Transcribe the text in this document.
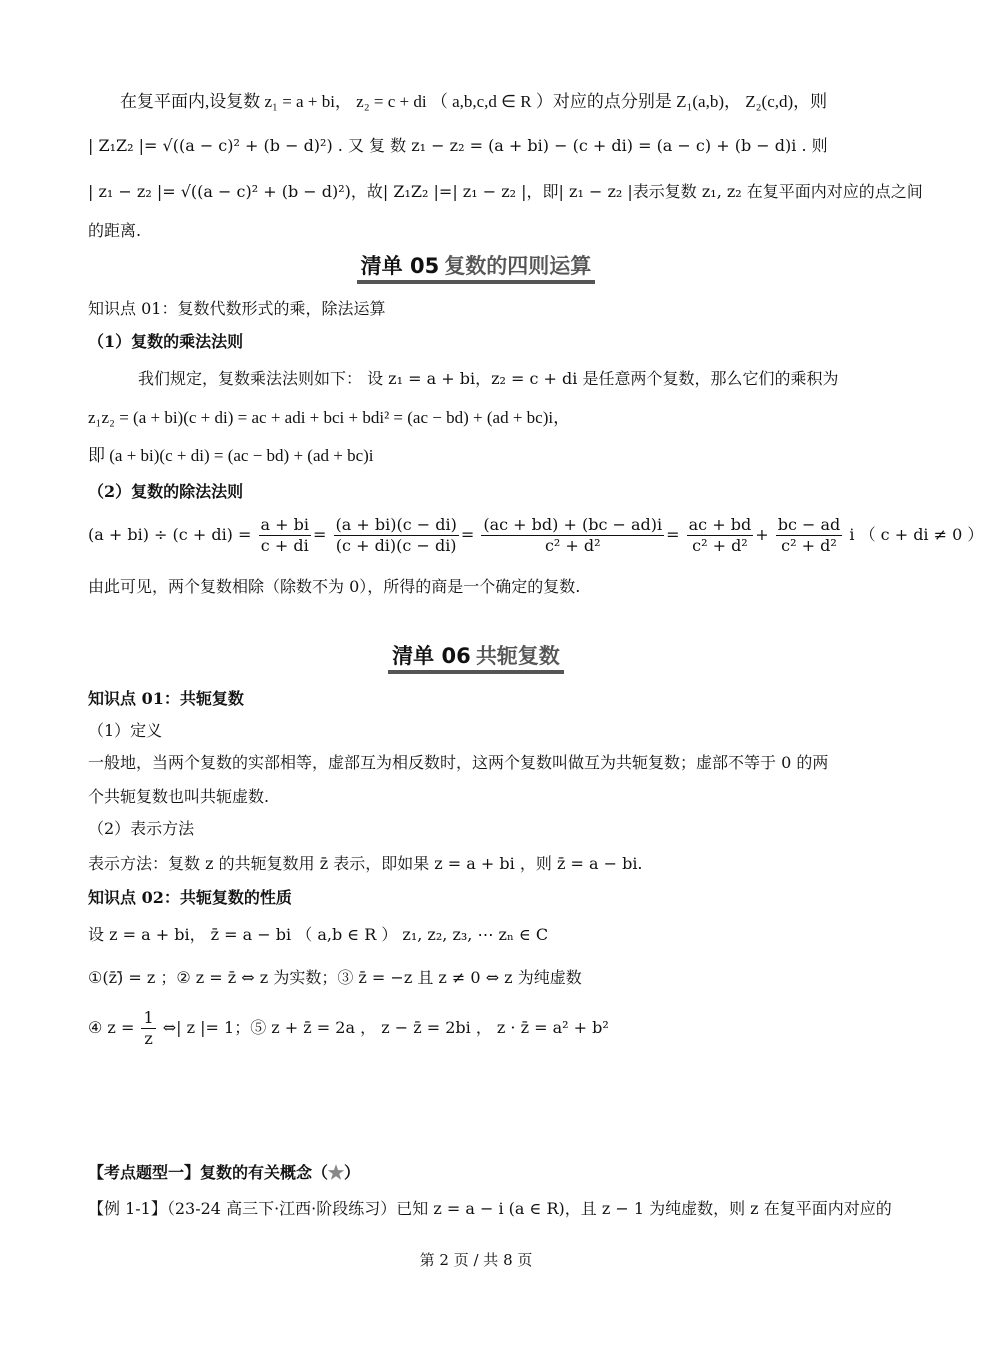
在复平面内,设复数 z₁ = a + bi， z₂ = c + di （ a,b,c,d ∈ R ）对应的点分别是 Z₁(a,b)， Z₂(c,d)，则
| Z₁Z₂ |= √((a − c)² + (b − d)²) . 又 复 数 z₁ − z₂ = (a + bi) − (c + di) = (a − c) + (b − d)i . 则
| z₁ − z₂ |= √((a − c)² + (b − d)²)，故| Z₁Z₂ |=| z₁ − z₂ |，即| z₁ − z₂ |表示复数 z₁, z₂ 在复平面内对应的点之间
的距离.
清单 05 复数的四则运算
知识点 01：复数代数形式的乘，除法运算
（1）复数的乘法法则
我们规定，复数乘法法则如下： 设 z₁ = a + bi，z₂ = c + di 是任意两个复数，那么它们的乘积为
z₁z₂ = (a + bi)(c + di) = ac + adi + bci + bdi² = (ac − bd) + (ad + bc)i，
即 (a + bi)(c + di) = (ac − bd) + (ad + bc)i
（2）复数的除法法则
$(a + bi) \div (c + di) = \frac{a + bi}{c + di} = \frac{(a + bi)(c - di)}{(c + di)(c - di)} = \frac{(ac + bd) + (bc - ad)i}{\text{c² + d²}} = \frac{ac + bd}{\text{c² + d²}} + \frac{bc - ad}{\text{c² + d²}}$ i （ c + di ≠ 0 ）
由此可见，两个复数相除（除数不为 0），所得的商是一个确定的复数.
清单 06 共轭复数
知识点 01：共轭复数
（1）定义
一般地，当两个复数的实部相等，虚部互为相反数时，这两个复数叫做互为共轭复数；虚部不等于 0 的两
个共轭复数也叫共轭虚数.
（2）表示方法
表示方法：复数 z 的共轭复数用 z̄ 表示，即如果 z = a + bi ，则 z̄ = a − bi.
知识点 02：共轭复数的性质
设 z = a + bi， z̄ = a − bi （ a,b ∈ R ） z₁, z₂, z₃, ⋯ zₙ ∈ C
①(z̄)̄ = z ；② z = z̄ ⇔ z 为实数；③ z̄ = −z 且 z ≠ 0 ⇔ z 为纯虚数
④ $z = \frac{1}{z}$ ⇔| z |= 1；⑤ z + z̄ = 2a ， z − z̄ = 2bi ， z · z̄ = a² + b²
【考点题型一】复数的有关概念（★）
【例 1-1】（23-24 高三下·江西·阶段练习）已知 z = a − i (a ∈ R)，且 z − 1 为纯虚数，则 z 在复平面内对应的
第 2 页 / 共 8 页
